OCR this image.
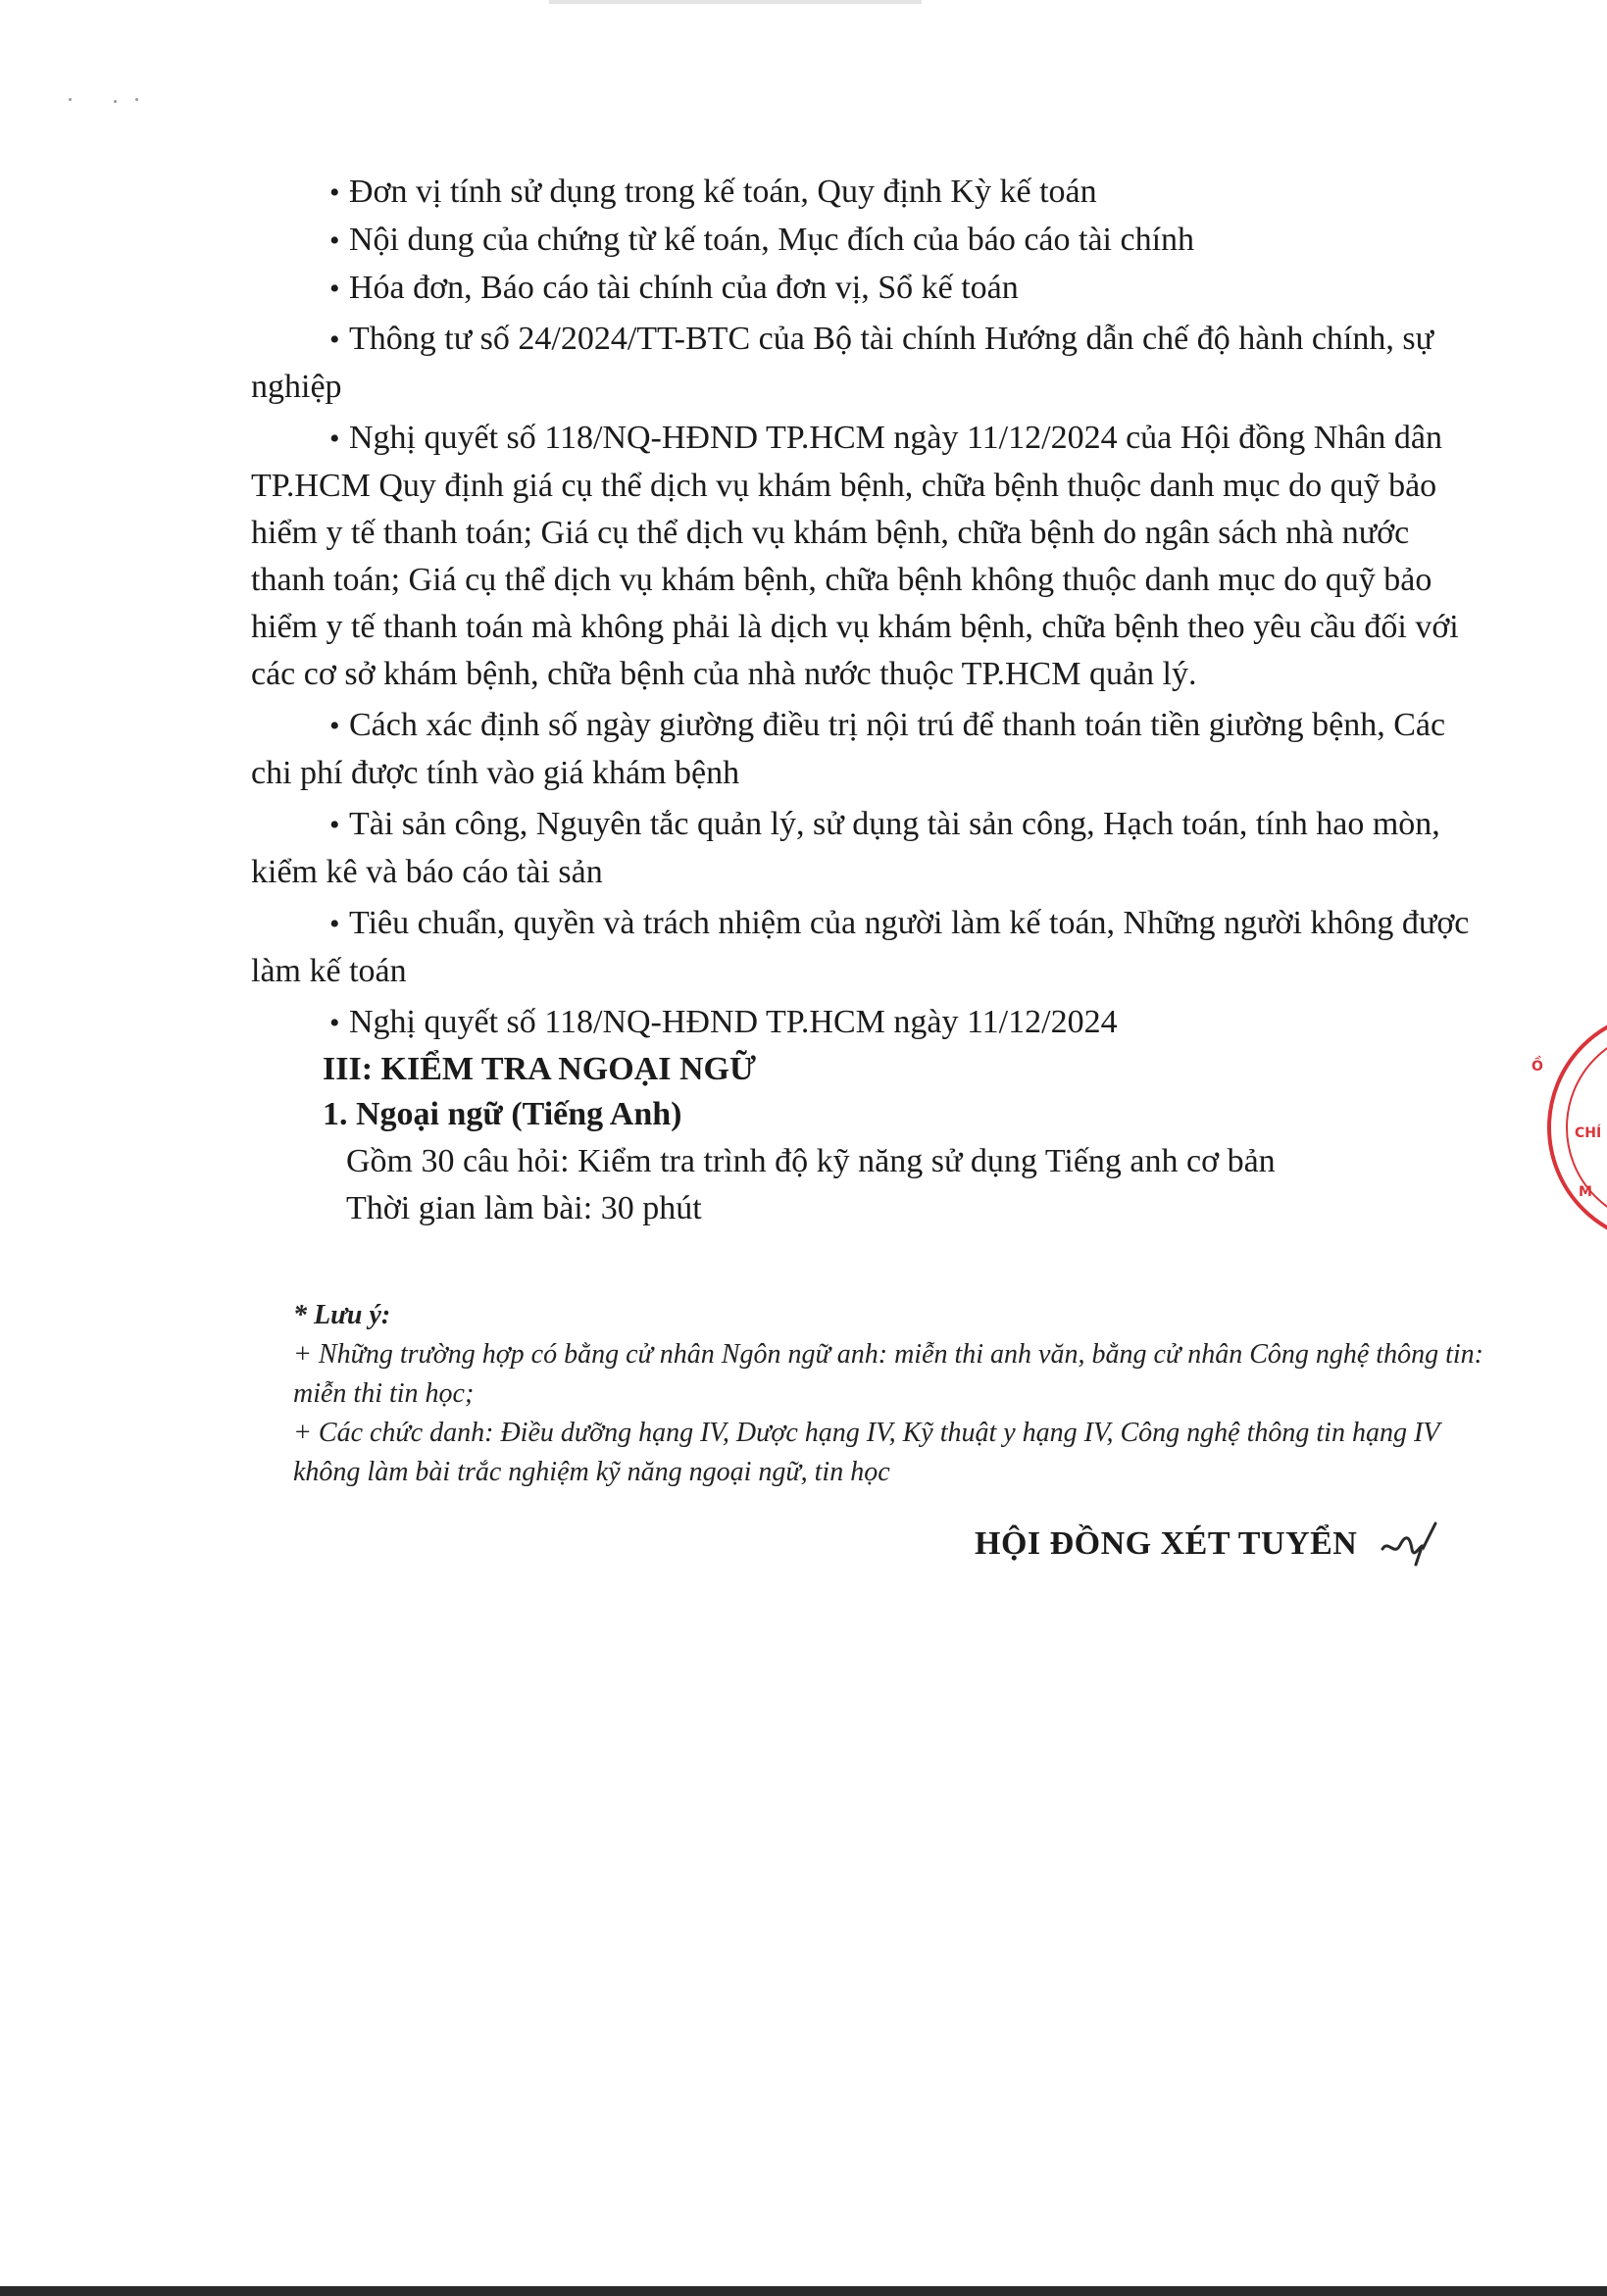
• Đơn vị tính sử dụng trong kế toán, Quy định Kỳ kế toán

• Nội dung của chứng từ kế toán, Mục đích của báo cáo tài chính

• Hóa đơn, Báo cáo tài chính của đơn vị, Sổ kế toán

• Thông tư số 24/2024/TT-BTC của Bộ tài chính Hướng dẫn chế độ hành chính, sự nghiệp

• Nghị quyết số 118/NQ-HĐND TP.HCM ngày 11/12/2024 của Hội đồng Nhân dân TP.HCM Quy định giá cụ thể dịch vụ khám bệnh, chữa bệnh thuộc danh mục do quỹ bảo hiểm y tế thanh toán; Giá cụ thể dịch vụ khám bệnh, chữa bệnh do ngân sách nhà nước thanh toán; Giá cụ thể dịch vụ khám bệnh, chữa bệnh không thuộc danh mục do quỹ bảo hiểm y tế thanh toán mà không phải là dịch vụ khám bệnh, chữa bệnh theo yêu cầu đối với các cơ sở khám bệnh, chữa bệnh của nhà nước thuộc TP.HCM quản lý.

• Cách xác định số ngày giường điều trị nội trú để thanh toán tiền giường bệnh, Các chi phí được tính vào giá khám bệnh

• Tài sản công, Nguyên tắc quản lý, sử dụng tài sản công, Hạch toán, tính hao mòn, kiểm kê và báo cáo tài sản

• Tiêu chuẩn, quyền và trách nhiệm của người làm kế toán, Những người không được làm kế toán

• Nghị quyết số 118/NQ-HĐND TP.HCM ngày 11/12/2024

III: KIỂM TRA NGOẠI NGỮ

1. Ngoại ngữ (Tiếng Anh)

Gồm 30 câu hỏi: Kiểm tra trình độ kỹ năng sử dụng Tiếng anh cơ bản

Thời gian làm bài: 30 phút

* Lưu ý:

+ Những trường hợp có bằng cử nhân Ngôn ngữ anh: miễn thi anh văn, bằng cử nhân Công nghệ thông tin: miễn thi tin học;

+ Các chức danh: Điều dưỡng hạng IV, Dược hạng IV, Kỹ thuật y hạng IV, Công nghệ thông tin hạng IV không làm bài trắc nghiệm kỹ năng ngoại ngữ, tin học

HỘI ĐỒNG XÉT TUYỂN
Ồ
CHÍ
M
